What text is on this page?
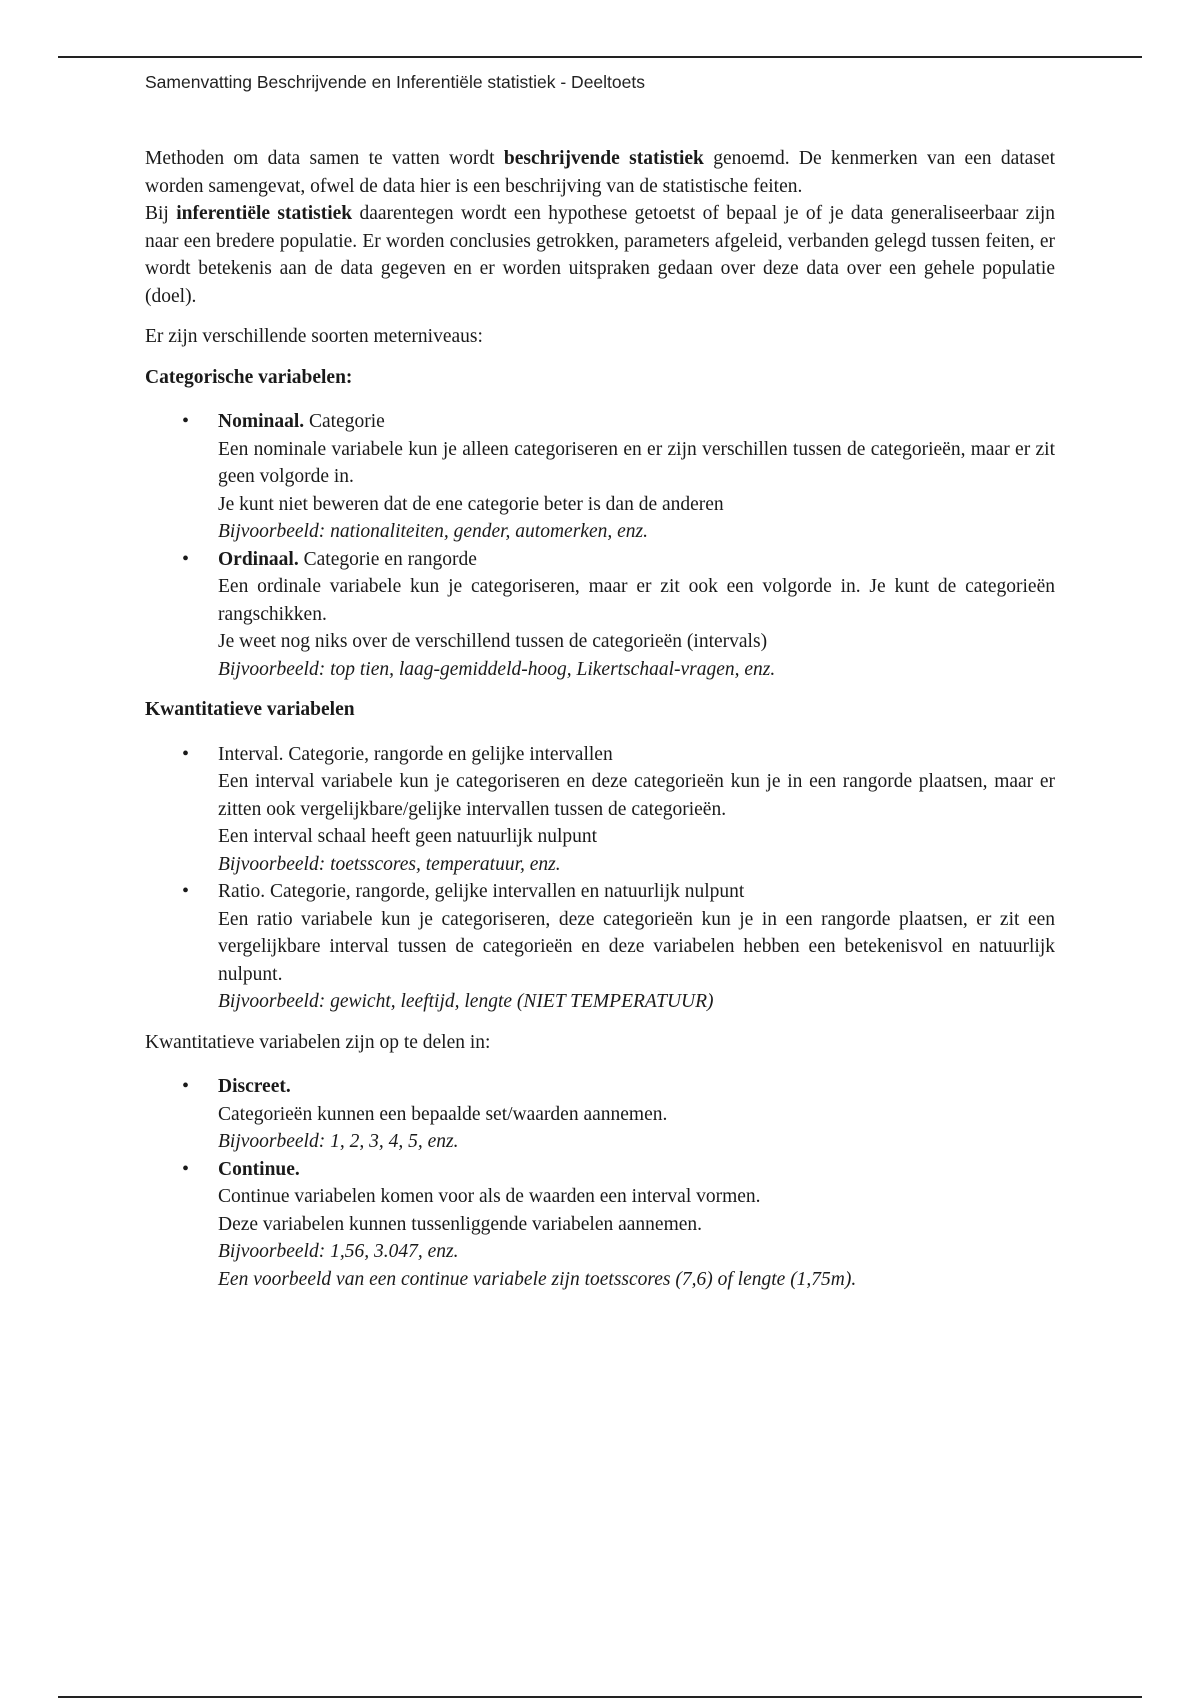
Samenvatting Beschrijvende en Inferentiële statistiek - Deeltoets

Methoden om data samen te vatten wordt beschrijvende statistiek genoemd. De kenmerken van een dataset worden samengevat, ofwel de data hier is een beschrijving van de statistische feiten.

Bij inferentiële statistiek daarentegen wordt een hypothese getoetst of bepaal je of je data generaliseerbaar zijn naar een bredere populatie. Er worden conclusies getrokken, parameters afgeleid, verbanden gelegd tussen feiten, er wordt betekenis aan de data gegeven en er worden uitspraken gedaan over deze data over een gehele populatie (doel).

Er zijn verschillende soorten meterniveaus:

Categorische variabelen:

• Nominaal. Categorie
Een nominale variabele kun je alleen categoriseren en er zijn verschillen tussen de categorieën, maar er zit geen volgorde in.
Je kunt niet beweren dat de ene categorie beter is dan de anderen
Bijvoorbeeld: nationaliteiten, gender, automerken, enz.
• Ordinaal. Categorie en rangorde
Een ordinale variabele kun je categoriseren, maar er zit ook een volgorde in. Je kunt de categorieën rangschikken.
Je weet nog niks over de verschillend tussen de categorieën (intervals)
Bijvoorbeeld: top tien, laag-gemiddeld-hoog, Likertschaal-vragen, enz.

Kwantitatieve variabelen

• Interval. Categorie, rangorde en gelijke intervallen
Een interval variabele kun je categoriseren en deze categorieën kun je in een rangorde plaatsen, maar er zitten ook vergelijkbare/gelijke intervallen tussen de categorieën.
Een interval schaal heeft geen natuurlijk nulpunt
Bijvoorbeeld: toetsscores, temperatuur, enz.
• Ratio. Categorie, rangorde, gelijke intervallen en natuurlijk nulpunt
Een ratio variabele kun je categoriseren, deze categorieën kun je in een rangorde plaatsen, er zit een vergelijkbare interval tussen de categorieën en deze variabelen hebben een betekenisvol en natuurlijk nulpunt.
Bijvoorbeeld: gewicht, leeftijd, lengte (NIET TEMPERATUUR)

Kwantitatieve variabelen zijn op te delen in:

• Discreet.
Categorieën kunnen een bepaalde set/waarden aannemen.
Bijvoorbeeld: 1, 2, 3, 4, 5, enz.
• Continue.
Continue variabelen komen voor als de waarden een interval vormen.
Deze variabelen kunnen tussenliggende variabelen aannemen.
Bijvoorbeeld: 1,56, 3.047, enz.
Een voorbeeld van een continue variabele zijn toetsscores (7,6) of lengte (1,75m).
